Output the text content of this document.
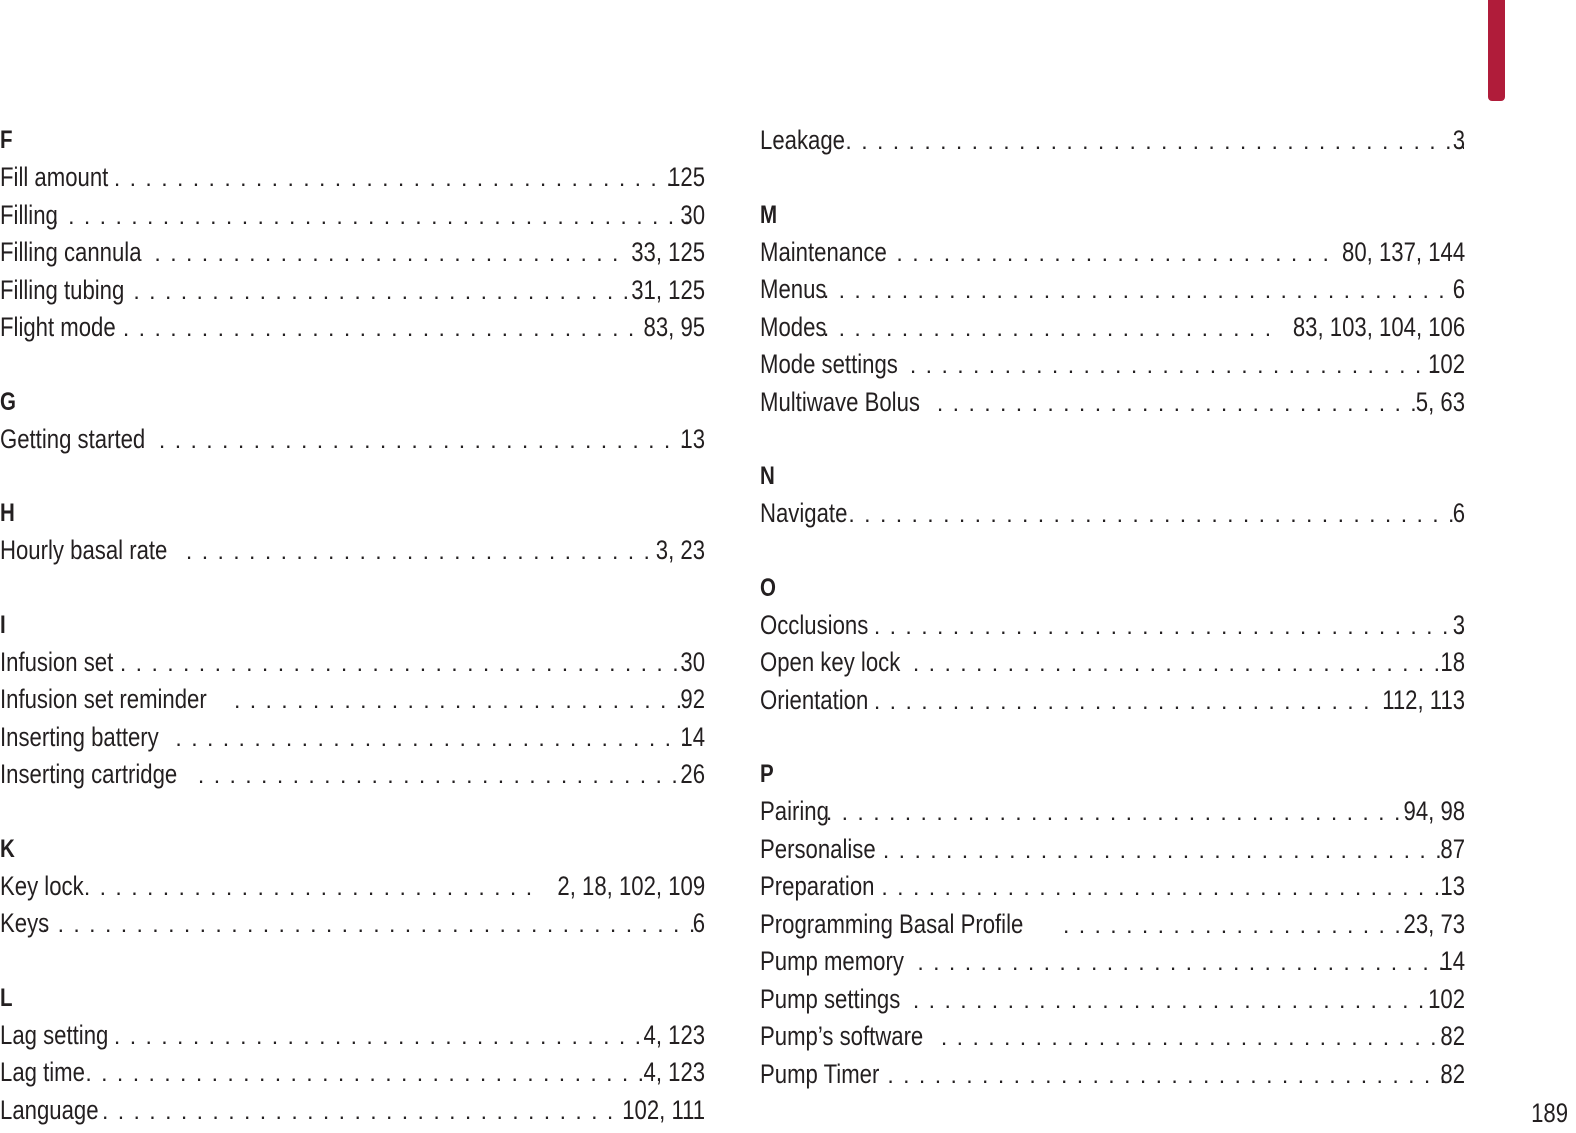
F
Fill amount . . .	125
Filling . . .	30
Filling cannula . . .	33, 125
Filling tubing . . .	31, 125
Flight mode . . .	83, 95
G
Getting started . . .	13
H
Hourly basal rate . . .	3, 23
I
Infusion set . . .	30
Infusion set reminder . . .	92
Inserting battery . . .	14
Inserting cartridge . . .	26
K
Key lock . . .	2, 18, 102, 109
Keys . . .	6
L
Lag setting . . .	4, 123
Lag time . . .	4, 123
Language . . .	102, 111
Leakage . . .	3
M
Maintenance . . .	80, 137, 144
Menus . . .	6
Modes . . .	83, 103, 104, 106
Mode settings . . .	102
Multiwave Bolus . . .	5, 63
N
Navigate . . .	6
O
Occlusions . . .	3
Open key lock . . .	18
Orientation . . .	112, 113
P
Pairing . . .	94, 98
Personalise . . .	87
Preparation . . .	13
Programming Basal Profile . . .	23, 73
Pump memory . . .	14
Pump settings . . .	102
Pump’s software . . .	82
Pump Timer . . .	82
189
